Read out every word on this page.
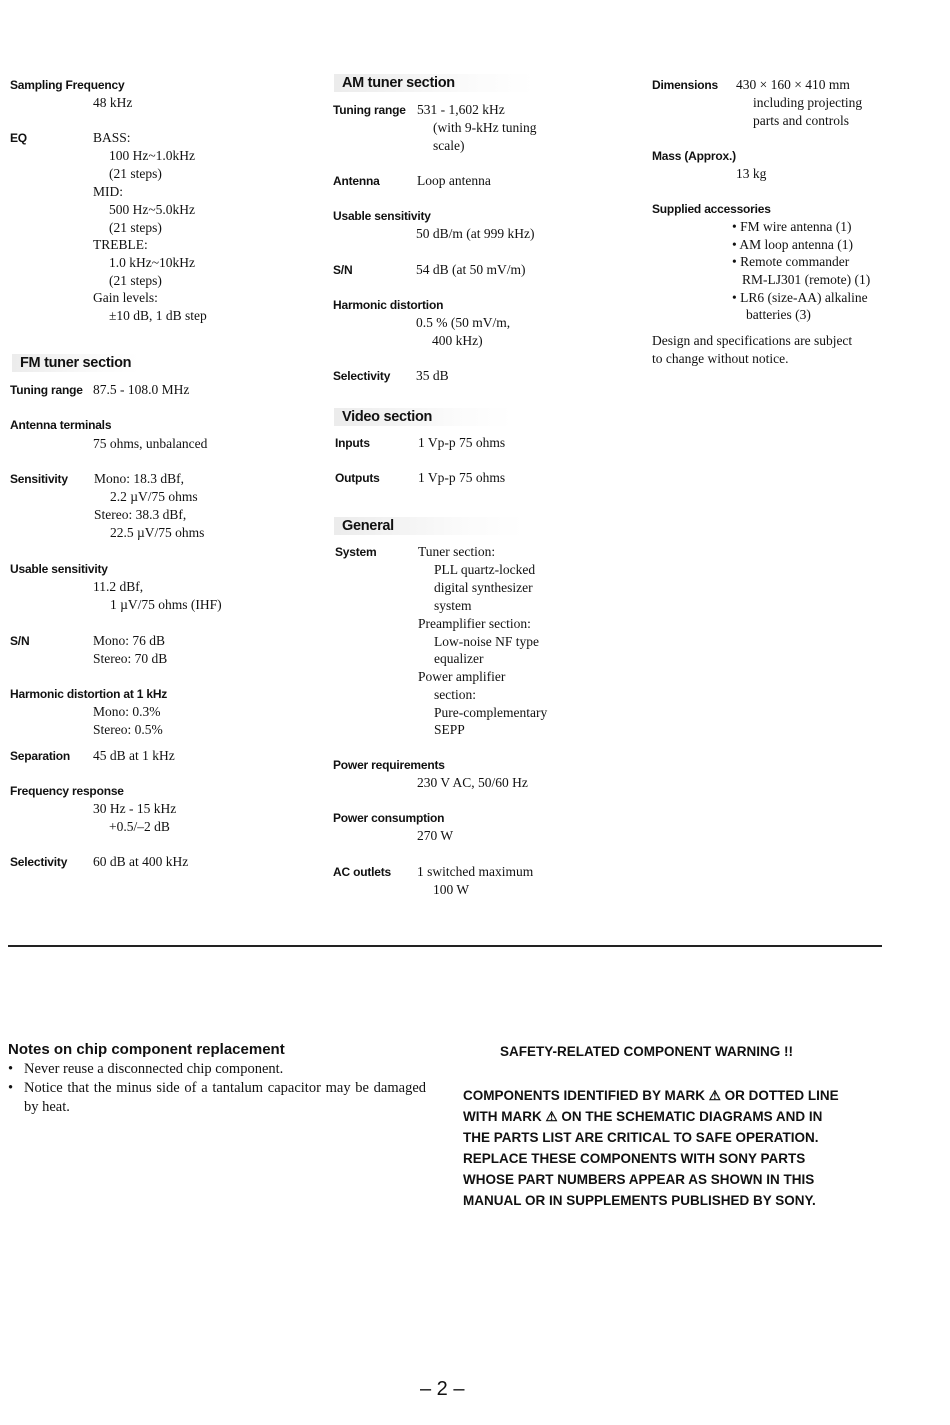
Sampling Frequency
48 kHz
EQ	BASS:
100 Hz~1.0kHz
(21 steps)
MID:
500 Hz~5.0kHz
(21 steps)
TREBLE:
1.0 kHz~10kHz
(21 steps)
Gain levels:
±10 dB, 1 dB step
FM tuner section
Tuning range 87.5 - 108.0 MHz
Antenna terminals
75 ohms, unbalanced
Sensitivity Mono: 18.3 dBf,
2.2 µV/75 ohms
Stereo: 38.3 dBf,
22.5 µV/75 ohms
Usable sensitivity
11.2 dBf,
1 µV/75 ohms (IHF)
S/N	Mono: 76 dB
Stereo: 70 dB
Harmonic distortion at 1 kHz
Mono: 0.3%
Stereo: 0.5%
Separation 45 dB at 1 kHz
Frequency response
30 Hz - 15 kHz
+0.5/–2 dB
Selectivity 60 dB at 400 kHz
AM tuner section
Tuning range 531 - 1,602 kHz
(with 9-kHz tuning
scale)
Antenna	Loop antenna
Usable sensitivity
50 dB/m (at 999 kHz)
S/N	54 dB (at 50 mV/m)
Harmonic distortion
0.5 % (50 mV/m,
400 kHz)
Selectivity 35 dB
Video section
Inputs	1 Vp-p 75 ohms
Outputs	1 Vp-p 75 ohms
General
System	Tuner section:
PLL quartz-locked
digital synthesizer
system
Preamplifier section:
Low-noise NF type
equalizer
Power amplifier
section:
Pure-complementary
SEPP
Power requirements
230 V AC, 50/60 Hz
Power consumption
270 W
AC outlets 1 switched maximum
100 W
Dimensions 430 × 160 × 410 mm
including projecting
parts and controls
Mass (Approx.)
13 kg
Supplied accessories
• FM wire antenna (1)
• AM loop antenna (1)
• Remote commander
RM-LJ301 (remote) (1)
• LR6 (size-AA) alkaline
batteries (3)
Design and specifications are subject
to change without notice.
Notes on chip component replacement
• Never reuse a disconnected chip component.
• Notice that the minus side of a tantalum capacitor may be damaged by heat.
SAFETY-RELATED COMPONENT WARNING !!
COMPONENTS IDENTIFIED BY MARK ⚠ OR DOTTED LINE WITH MARK ⚠ ON THE SCHEMATIC DIAGRAMS AND IN THE PARTS LIST ARE CRITICAL TO SAFE OPERATION. REPLACE THESE COMPONENTS WITH SONY PARTS WHOSE PART NUMBERS APPEAR AS SHOWN IN THIS MANUAL OR IN SUPPLEMENTS PUBLISHED BY SONY.
– 2 –
